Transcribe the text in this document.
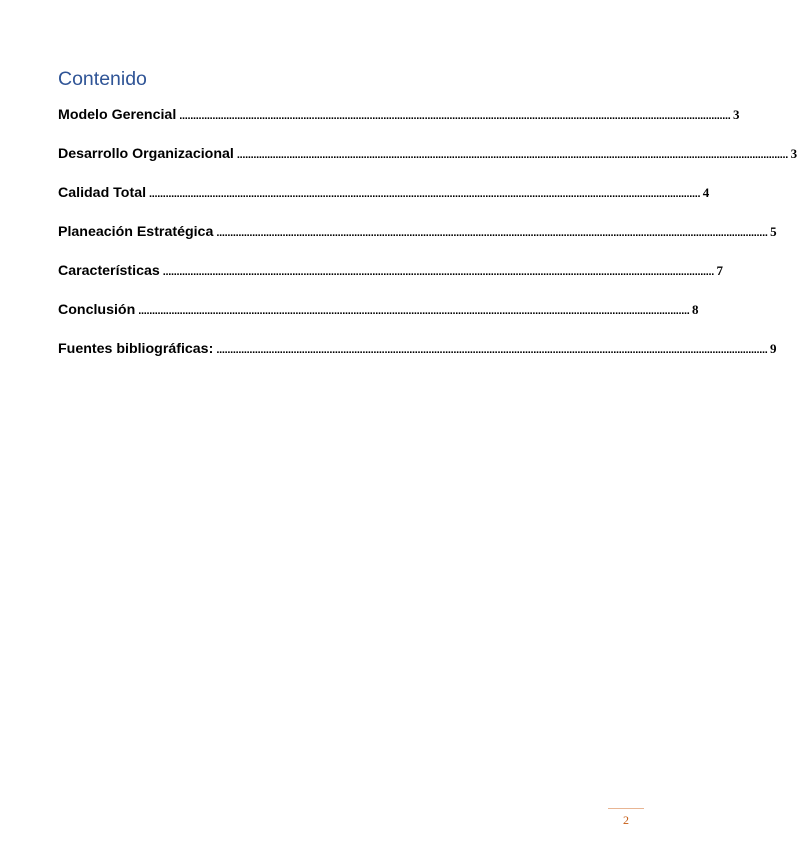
Contenido
Modelo Gerencial ........................................................................................................................................................................................................ 3
Desarrollo Organizacional ........................................................................................................................................................................................................ 3
Calidad Total ........................................................................................................................................................................................................ 4
Planeación Estratégica ........................................................................................................................................................................................................ 5
Características ........................................................................................................................................................................................................ 7
Conclusión ........................................................................................................................................................................................................ 8
Fuentes bibliográficas: ........................................................................................................................................................................................................ 9
2
